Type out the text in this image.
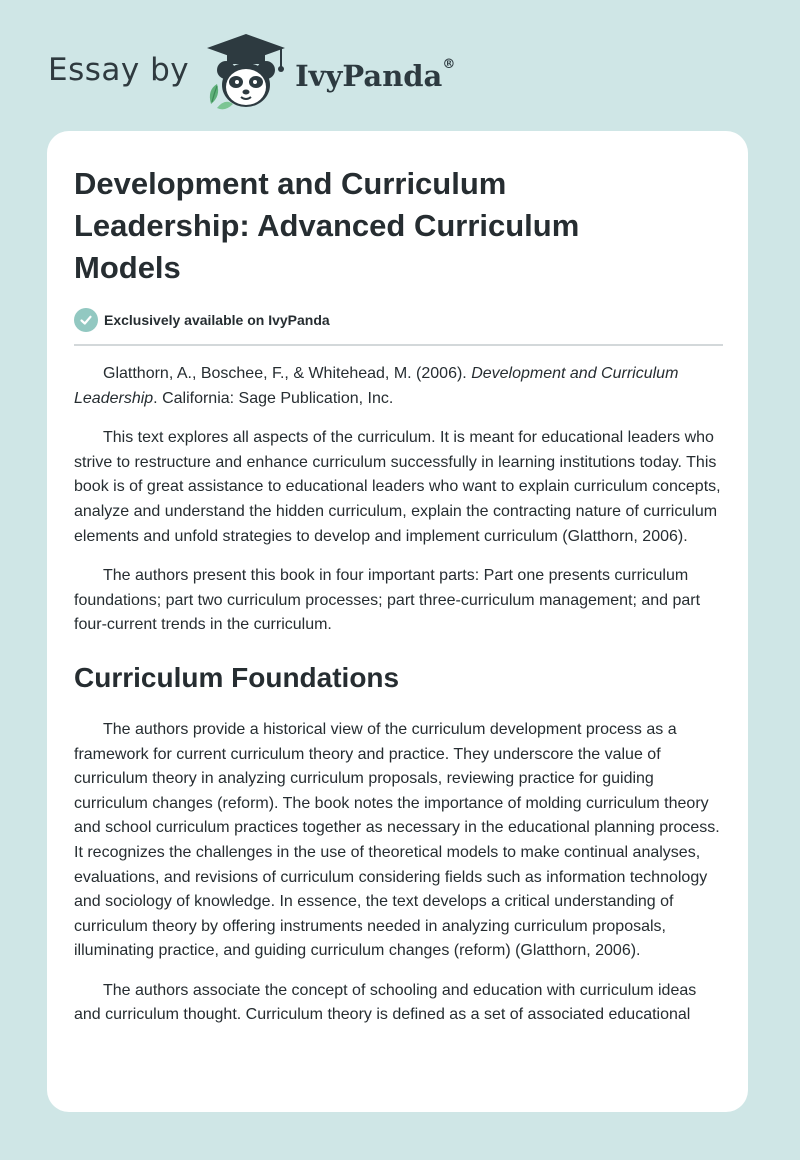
Essay by	IvyPanda®
Development and Curriculum Leadership: Advanced Curriculum Models
Exclusively available on IvyPanda

Glatthorn, A., Boschee, F., & Whitehead, M. (2006). Development and Curriculum Leadership. California: Sage Publication, Inc.

This text explores all aspects of the curriculum. It is meant for educational leaders who strive to restructure and enhance curriculum successfully in learning institutions today. This book is of great assistance to educational leaders who want to explain curriculum concepts, analyze and understand the hidden curriculum, explain the contracting nature of curriculum elements and unfold strategies to develop and implement curriculum (Glatthorn, 2006).

The authors present this book in four important parts: Part one presents curriculum foundations; part two curriculum processes; part three-curriculum management; and part four-current trends in the curriculum.

Curriculum Foundations

The authors provide a historical view of the curriculum development process as a framework for current curriculum theory and practice. They underscore the value of curriculum theory in analyzing curriculum proposals, reviewing practice for guiding curriculum changes (reform). The book notes the importance of molding curriculum theory and school curriculum practices together as necessary in the educational planning process. It recognizes the challenges in the use of theoretical models to make continual analyses, evaluations, and revisions of curriculum considering fields such as information technology and sociology of knowledge. In essence, the text develops a critical understanding of curriculum theory by offering instruments needed in analyzing curriculum proposals, illuminating practice, and guiding curriculum changes (reform) (Glatthorn, 2006).

The authors associate the concept of schooling and education with curriculum ideas and curriculum thought. Curriculum theory is defined as a set of associated educational
